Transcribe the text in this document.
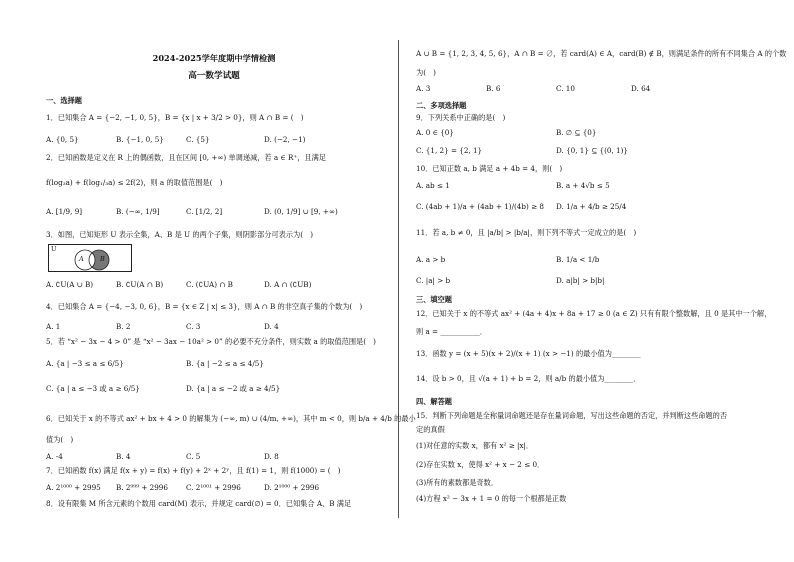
2024-2025学年度期中学情检测
高一数学试题
一、选择题
1．已知集合 A = {−2, −1, 0, 5}，B = {x | x + 3/2 > 0}，则 A ∩ B = (　)
A. {0, 5}	B. {−1, 0, 5}	C. {5}	D. (−2, −1)
2．已知函数是定义在 R 上的偶函数，且在区间 [0, +∞) 单调递减，若 a ∈ R⁺，且满足
f(log₃a) + f(log₁/₃a) ≤ 2f(2)，则 a 的取值范围是(　)
A. [1/9, 9]	B. (−∞, 1/9]	C. [1/2, 2]	D. (0, 1/9] ∪ [9, +∞)
3．如图，已知矩形 U 表示全集，A、B 是 U 的两个子集，则阴影部分可表示为(　)
U
A	B
A. ∁U(A ∪ B)	B. ∁U(A ∩ B)	C. (∁UA) ∩ B	D. A ∩ (∁UB)
4．已知集合 A = {−4, −3, 0, 6}，B = {x ∈ Z | x| ≤ 3}，则 A ∩ B 的非空真子集的个数为(　)
A. 1	B. 2	C. 3	D. 4
5．若 “x² − 3x − 4 > 0” 是 “x² − 3ax − 10a² > 0” 的必要不充分条件，则实数 a 的取值范围是(　)
A. {a | −3 ≤ a ≤ 6/5}	B. {a | −2 ≤ a ≤ 4/5}
C. {a | a ≤ −3 或 a ≥ 6/5}	D. {a | a ≤ −2 或 a ≥ 4/5}
6．已知关于 x 的不等式 ax² + bx + 4 > 0 的解集为 (−∞, m) ∪ (4/m, +∞)，其中 m < 0，则 b/a + 4/b 的最小
值为(　)
A. -4	B. 4	C. 5	D. 8
7．已知函数 f(x) 满足 f(x + y) = f(x) + f(y) + 2ˣ + 2ʸ，且 f(1) = 1，则 f(1000) = (　)
A. 2¹⁰⁰⁰ + 2995 B. 2⁹⁹⁹ + 2996	C. 2¹⁰⁰¹ + 2996	D. 2¹⁰⁰⁰ + 2996
8．设有限集 M 所含元素的个数用 card(M) 表示，并规定 card(∅) = 0．已知集合 A、B 满足
A ∪ B = {1, 2, 3, 4, 5, 6}，A ∩ B = ∅，若 card(A) ∈ A，card(B) ∉ B，则满足条件的所有不同集合 A 的个数
为(　)
A. 3	B. 6	C. 10	D. 64
二、多项选择题
9．下列关系中正确的是(　)
A. 0 ∈ {0}	B. ∅ ⊆ {0}
C. {1, 2} = {2, 1}	D. {0, 1} ⊆ {(0, 1)}
10．已知正数 a, b 满足 a + 4b = 4，则(　)
A. ab ≤ 1	B. a + 4√b ≤ 5
C. (4ab + 1)/a + (4ab + 1)/(4b) ≥ 8 D. 1/a + 4/b ≥ 25/4
11．若 a, b ≠ 0，且 |a/b| > |b/a|，则下列不等式一定成立的是(　)
A. a > b	B. 1/a < 1/b
C. |a| > b	D. a|b| > b|b|
三、填空题
12．已知关于 x 的不等式 ax² + (4a + 4)x + 8a + 17 ≥ 0 (a ∈ Z) 只有有限个整数解，且 0 是其中一个解，
则 a = ___________．
13．函数 y = (x + 5)(x + 2)/(x + 1) (x > −1) 的最小值为________
14．设 b > 0，且 √(a + 1) + b = 2，则 a/b 的最小值为________．
四、解答题
15．判断下列命题是全称量词命题还是存在量词命题，写出这些命题的否定，并判断这些命题的否
定的真假
(1)对任意的实数 x，都有 x² ≥ |x|．
(2)存在实数 x，使得 x² + x − 2 ≤ 0．
(3)所有的素数都是奇数．
(4)方程 x² − 3x + 1 = 0 的每一个根都是正数
